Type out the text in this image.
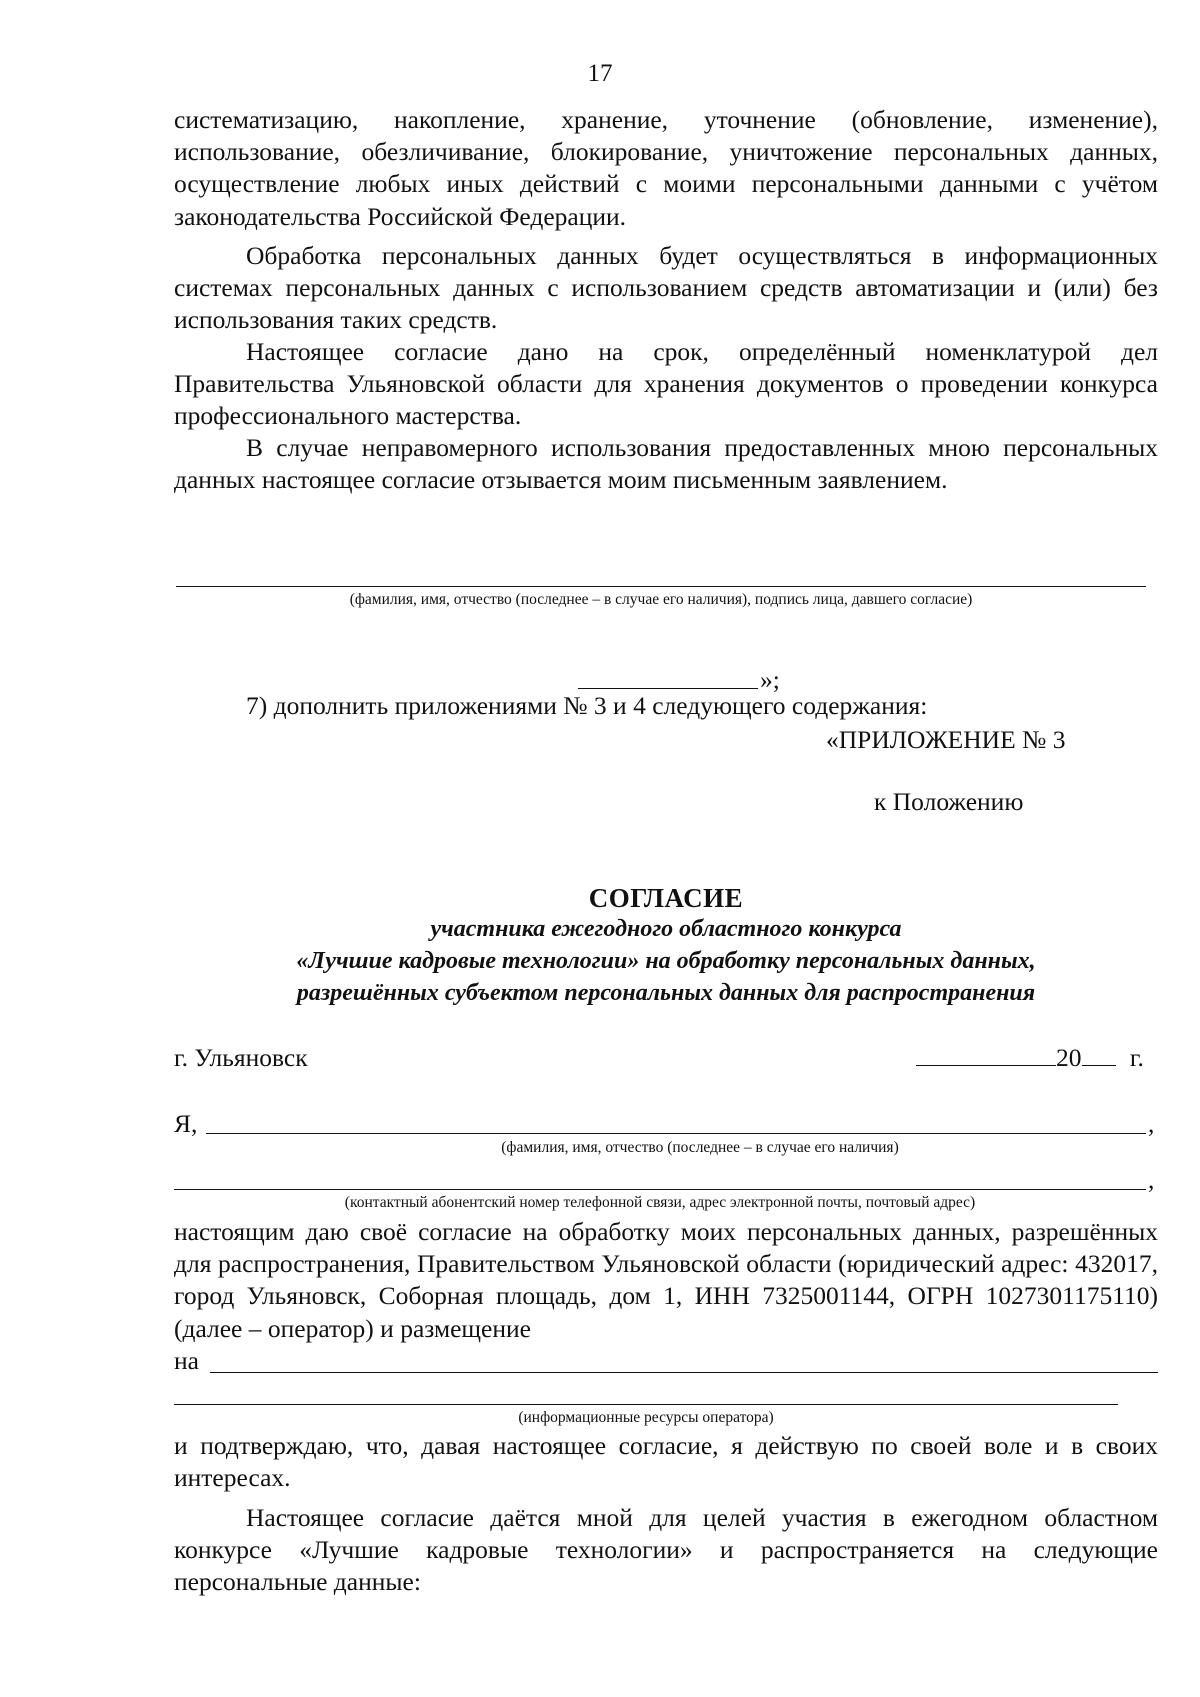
17
систематизацию, накопление, хранение, уточнение (обновление, изменение), использование, обезличивание, блокирование, уничтожение персональных данных, осуществление любых иных действий с моими персональными данными с учётом законодательства Российской Федерации.
Обработка персональных данных будет осуществляться в информационных системах персональных данных с использованием средств автоматизации и (или) без использования таких средств.
Настоящее согласие дано на срок, определённый номенклатурой дел Правительства Ульяновской области для хранения документов о проведении конкурса профессионального мастерства.
В случае неправомерного использования предоставленных мною персональных данных настоящее согласие отзывается моим письменным заявлением.
(фамилия, имя, отчество (последнее – в случае его наличия), подпись лица, давшего согласие)
»;
7) дополнить приложениями № 3 и 4 следующего содержания:
«ПРИЛОЖЕНИЕ № 3
к Положению
СОГЛАСИЕ
участника ежегодного областного конкурса
«Лучшие кадровые технологии» на обработку персональных данных,
разрешённых субъектом персональных данных для распространения
г. Ульяновск	20 г.
Я,	,
(фамилия, имя, отчество (последнее – в случае его наличия)
,
(контактный абонентский номер телефонной связи, адрес электронной почты, почтовый адрес)
настоящим даю своё согласие на обработку моих персональных данных, разрешённых для распространения, Правительством Ульяновской области (юридический адрес: 432017, город Ульяновск, Соборная площадь, дом 1, ИНН 7325001144, ОГРН 1027301175110) (далее – оператор) и размещение
на
(информационные ресурсы оператора)
и подтверждаю, что, давая настоящее согласие, я действую по своей воле и в своих интересах.
Настоящее согласие даётся мной для целей участия в ежегодном областном конкурсе «Лучшие кадровые технологии» и распространяется на следующие персональные данные:
